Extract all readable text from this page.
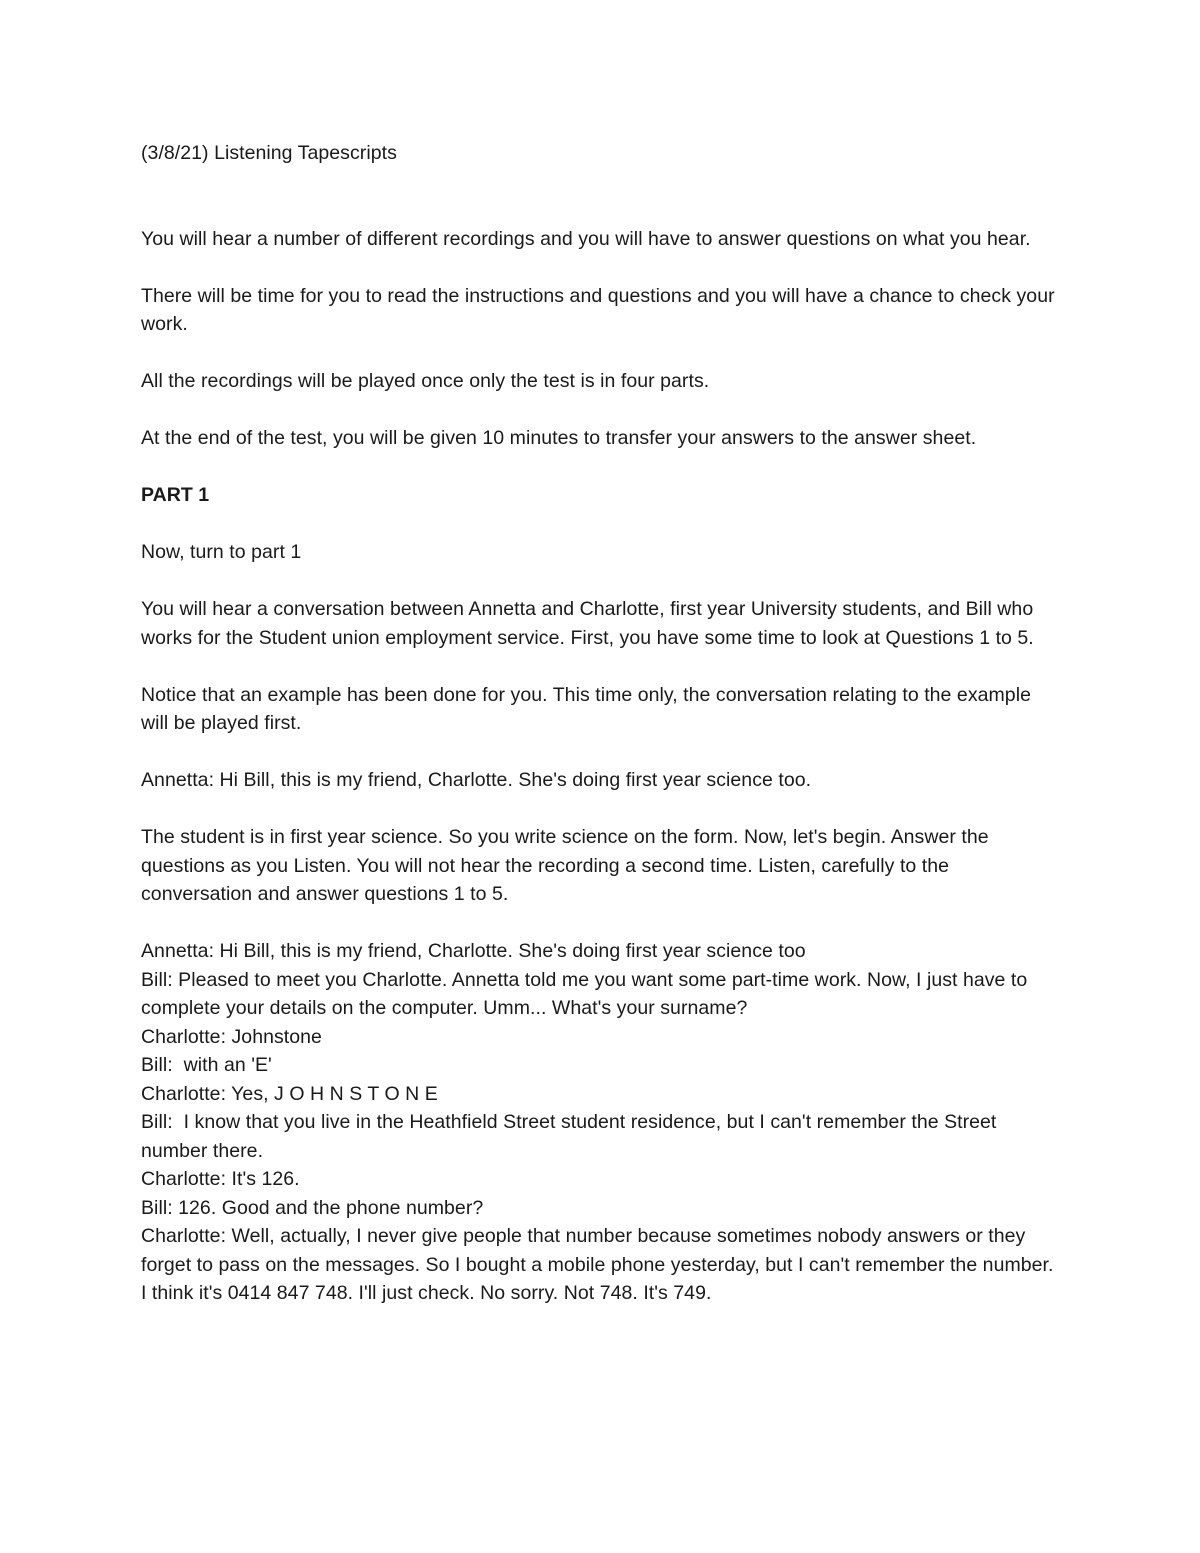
(3/8/21) Listening Tapescripts

You will hear a number of different recordings and you will have to answer questions on what you hear.

There will be time for you to read the instructions and questions and you will have a chance to check your work.

All the recordings will be played once only the test is in four parts.

At the end of the test, you will be given 10 minutes to transfer your answers to the answer sheet.

PART 1

Now, turn to part 1

You will hear a conversation between Annetta and Charlotte, first year University students, and Bill who works for the Student union employment service. First, you have some time to look at Questions 1 to 5.

Notice that an example has been done for you. This time only, the conversation relating to the example will be played first.

Annetta: Hi Bill, this is my friend, Charlotte. She's doing first year science too.

The student is in first year science. So you write science on the form. Now, let's begin. Answer the questions as you Listen. You will not hear the recording a second time. Listen, carefully to the conversation and answer questions 1 to 5.

Annetta: Hi Bill, this is my friend, Charlotte. She's doing first year science too

Bill: Pleased to meet you Charlotte. Annetta told me you want some part-time work. Now, I just have to complete your details on the computer. Umm... What's your surname?

Charlotte: Johnstone

Bill:  with an 'E'

Charlotte: Yes, J O H N S T O N E

Bill:  I know that you live in the Heathfield Street student residence, but I can't remember the Street number there.

Charlotte: It's 126.

Bill: 126. Good and the phone number?

Charlotte: Well, actually, I never give people that number because sometimes nobody answers or they forget to pass on the messages. So I bought a mobile phone yesterday, but I can't remember the number. I think it's 0414 847 748. I'll just check. No sorry. Not 748. It's 749.
